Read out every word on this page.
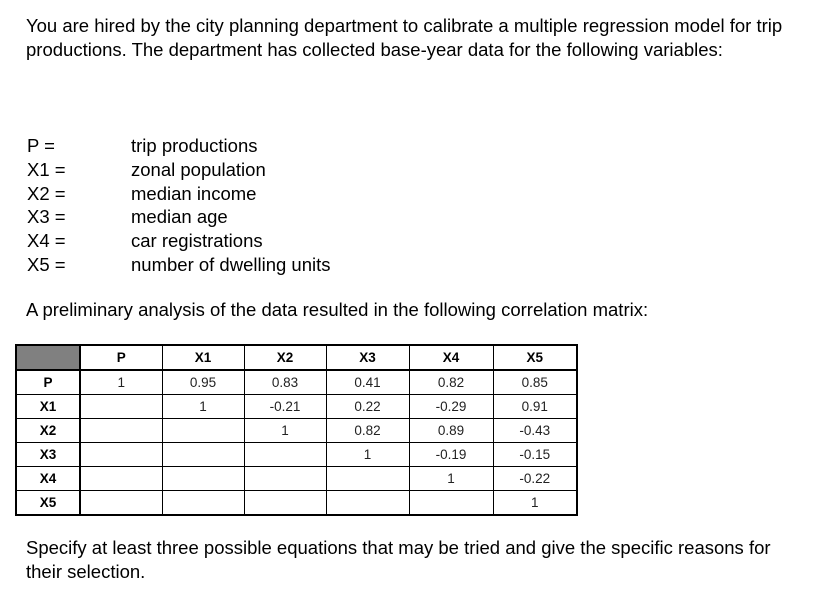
You are hired by the city planning department to calibrate a multiple regression model for trip productions. The department has collected base-year data for the following variables:

P =	trip productions
X1 =	zonal population
X2 =	median income
X3 =	median age
X4 =	car registrations
X5 =	number of dwelling units

A preliminary analysis of the data resulted in the following correlation matrix:

	P	X1	X2	X3	X4	X5
P	1	0.95	0.83	0.41	0.82	0.85
X1		1	-0.21	0.22	-0.29	0.91
X2			1	0.82	0.89	-0.43
X3				1	-0.19	-0.15
X4					1	-0.22
X5						1

Specify at least three possible equations that may be tried and give the specific reasons for their selection.
